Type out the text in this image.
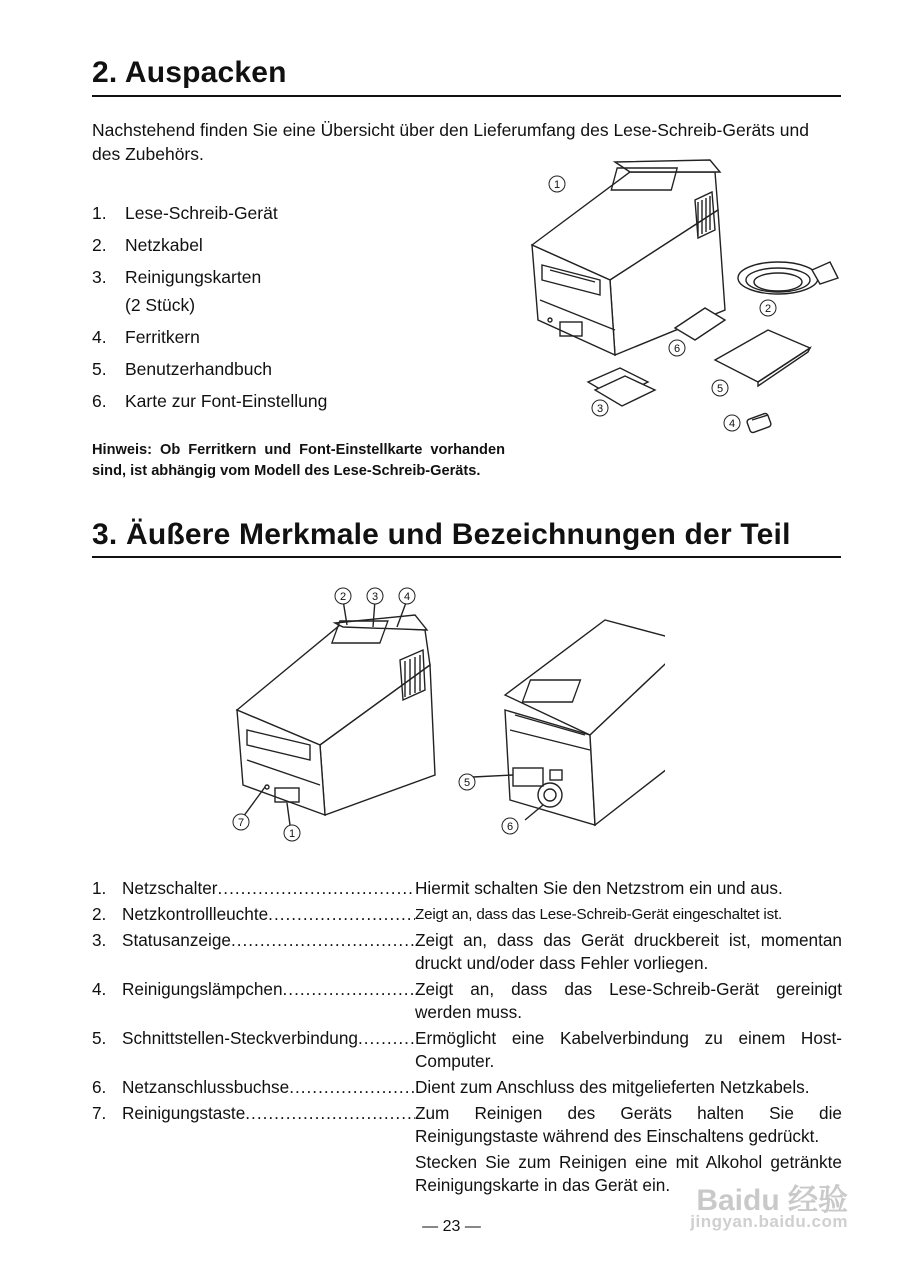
2. Auspacken
Nachstehend finden Sie eine Übersicht über den Lieferumfang des Lese-Schreib-Geräts und des Zubehörs.
1.	Lese-Schreib-Gerät
2.	Netzkabel
3.	Reinigungskarten
(2 Stück)
4.	Ferritkern
5.	Benutzerhandbuch
6.	Karte zur Font-Einstellung
Hinweis: Ob Ferritkern und Font-Einstellkarte vorhanden sind, ist abhängig vom Modell des Lese-Schreib-Geräts.
1
2
3
4
5
6
3. Äußere Merkmale und Bezeichnungen der Teil
2 3 4
7
1
5
6
1. Netzschalter .....	Hiermit schalten Sie den Netzstrom ein und aus.
2. Netzkontrollleuchte .....	Zeigt an, dass das Lese-Schreib-Gerät eingeschaltet ist.
3. Statusanzeige .....	Zeigt an, dass das Gerät druckbereit ist, momentan druckt und/oder dass Fehler vorliegen.
4. Reinigungslämpchen .....	Zeigt an, dass das Lese-Schreib-Gerät gereinigt werden muss.
5. Schnittstellen-Steckverbindung .....	Ermöglicht eine Kabelverbindung zu einem Host-Computer.
6. Netzanschlussbuchse .....	Dient zum Anschluss des mitgelieferten Netzkabels.
7. Reinigungstaste .....	Zum Reinigen des Geräts halten Sie die Reinigungstaste während des Einschaltens gedrückt.
Stecken Sie zum Reinigen eine mit Alkohol getränkte Reinigungskarte in das Gerät ein.
— 23 —
Baidu 经验
jingyan.baidu.com
